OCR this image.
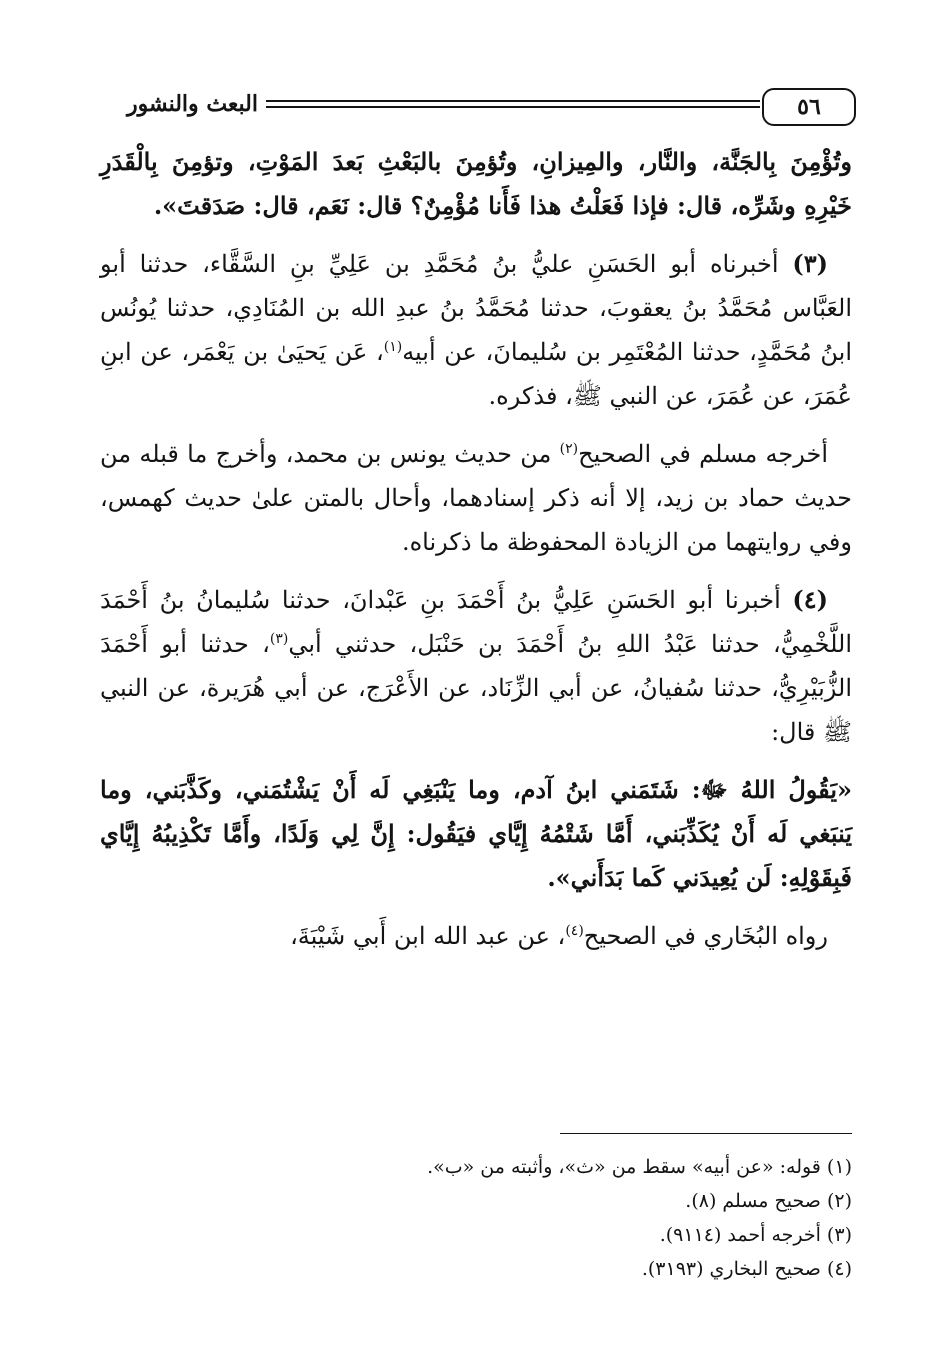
٥٦
البعث والنشور

وتُؤْمِنَ بِالجَنَّة، والنَّار، والمِيزانِ، وتُؤمِنَ بالبَعْثِ بَعدَ المَوْتِ، وتؤمِنَ بِالْقَدَرِ خَيْرِهِ وشَرِّه، قال: فإذا فَعَلْتُ هذا فَأَنا مُؤْمِنٌ؟ قال: نَعَم، قال: صَدَقتَ».

(٣) أخبرناه أبو الحَسَنِ عليُّ بنُ مُحَمَّدِ بن عَلِيِّ بنِ السَّقَّاء، حدثنا أبو العَبَّاس مُحَمَّدُ بنُ يعقوبَ، حدثنا مُحَمَّدُ بنُ عبدِ الله بن المُنَادِي، حدثنا يُونُس ابنُ مُحَمَّدٍ، حدثنا المُعْتَمِر بن سُليمانَ، عن أبيه$^{(١)}$، عَن يَحيَىٰ بن يَعْمَر، عن ابنِ عُمَرَ، عن عُمَرَ، عن النبي ﷺ، فذكره.

أخرجه مسلم في الصحيح$^{(٢)}$ من حديث يونس بن محمد، وأخرج ما قبله من حديث حماد بن زيد، إلا أنه ذكر إسنادهما، وأحال بالمتن علىٰ حديث كهمس، وفي روايتهما من الزيادة المحفوظة ما ذكرناه.

(٤) أخبرنا أبو الحَسَنِ عَلِيُّ بنُ أَحْمَدَ بنِ عَبْدانَ، حدثنا سُليمانُ بنُ أَحْمَدَ اللَّخْمِيُّ، حدثنا عَبْدُ اللهِ بنُ أَحْمَدَ بن حَنْبَل، حدثني أبي$^{(٣)}$، حدثنا أبو أَحْمَدَ الزُّبَيْرِيُّ، حدثنا سُفيانُ، عن أبي الزِّنَاد، عن الأَعْرَج، عن أبي هُرَيرة، عن النبي ﷺ قال:

«يَقُولُ اللهُ ﷻ: شَتَمَني ابنُ آدم، وما يَنْبَغِي لَه أَنْ يَشْتُمَني، وكَذَّبَني، وما يَنبَغي لَه أَنْ يُكَذِّبَني، أَمَّا شَتْمُهُ إِيَّاي فيَقُول: إِنَّ لِي وَلَدًا، وأَمَّا تَكْذِيبُهُ إِيَّاي فَبِقَوْلِهِ: لَن يُعِيدَني كَما بَدَأَني».

رواه البُخَاري في الصحيح$^{(٤)}$، عن عبد الله ابن أَبي شَيْبَةَ،

(١) قوله: «عن أبيه» سقط من «ث»، وأثبته من «ب».

(٢) صحيح مسلم (٨).

(٣) أخرجه أحمد (٩١١٤).

(٤) صحيح البخاري (٣١٩٣).
